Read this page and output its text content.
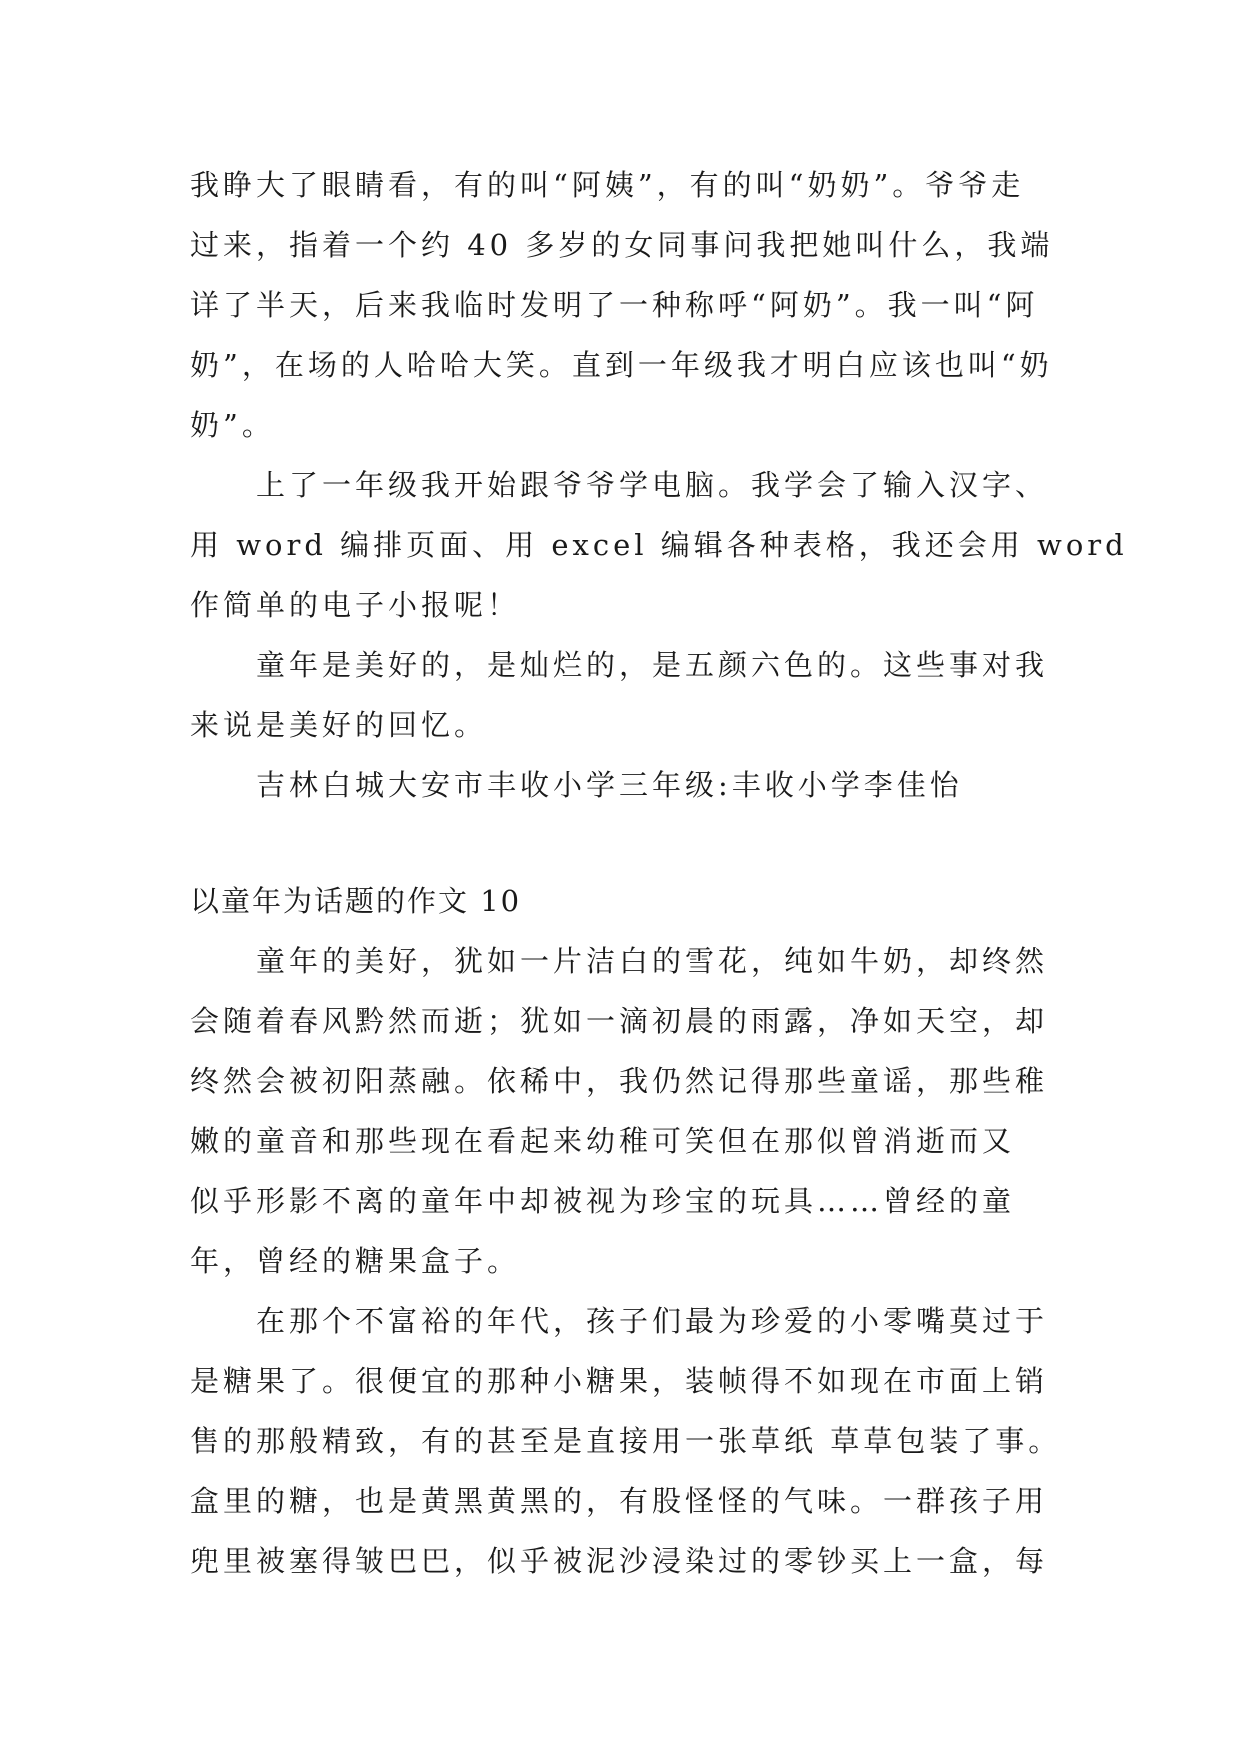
我睁大了眼睛看，有的叫“阿姨”，有的叫“奶奶”。爷爷走
过来，指着一个约 40 多岁的女同事问我把她叫什么，我端
详了半天，后来我临时发明了一种称呼“阿奶”。我一叫“阿
奶”，在场的人哈哈大笑。直到一年级我才明白应该也叫“奶
奶”。
上了一年级我开始跟爷爷学电脑。我学会了输入汉字、
用 word 编排页面、用 excel 编辑各种表格，我还会用 word
作简单的电子小报呢！
童年是美好的，是灿烂的，是五颜六色的。这些事对我
来说是美好的回忆。
吉林白城大安市丰收小学三年级:丰收小学李佳怡
以童年为话题的作文 10
童年的美好，犹如一片洁白的雪花，纯如牛奶，却终然
会随着春风黔然而逝；犹如一滴初晨的雨露，净如天空，却
终然会被初阳蒸融。依稀中，我仍然记得那些童谣，那些稚
嫩的童音和那些现在看起来幼稚可笑但在那似曾消逝而又
似乎形影不离的童年中却被视为珍宝的玩具……曾经的童
年，曾经的糖果盒子。
在那个不富裕的年代，孩子们最为珍爱的小零嘴莫过于
是糖果了。很便宜的那种小糖果，装帧得不如现在市面上销
售的那般精致，有的甚至是直接用一张草纸 草草包装了事。
盒里的糖，也是黄黑黄黑的，有股怪怪的气味。一群孩子用
兜里被塞得皱巴巴，似乎被泥沙浸染过的零钞买上一盒，每
